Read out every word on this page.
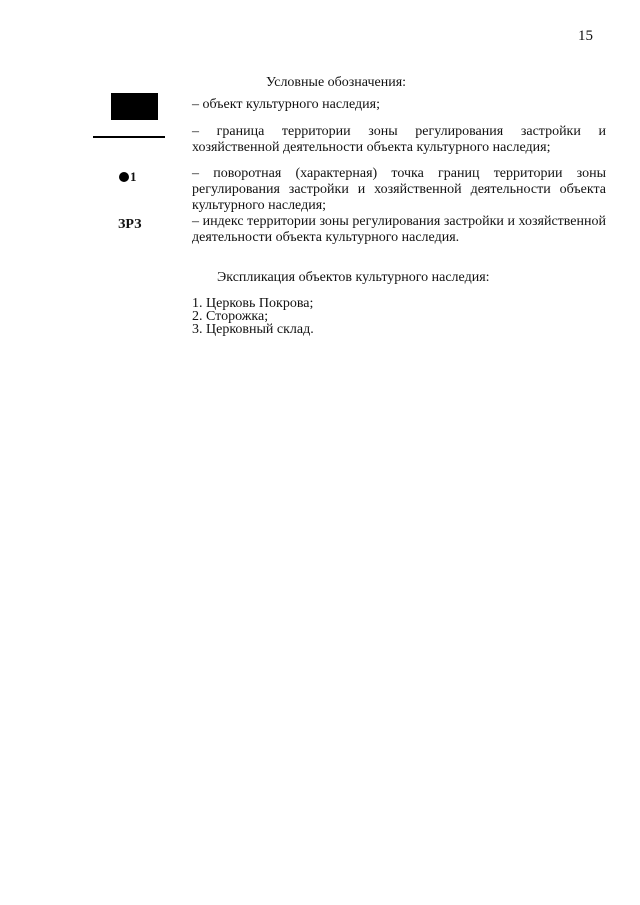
15
Условные обозначения:
– объект культурного наследия;
– граница территории зоны регулирования застройки и хозяйственной деятельности объекта культурного наследия;
1	– поворотная (характерная) точка границ территории зоны регулирования застройки и хозяйственной деятельности объекта культурного наследия;
ЗРЗ	– индекс территории зоны регулирования застройки и хозяйственной деятельности объекта культурного наследия.
Экспликация объектов культурного наследия:
1. Церковь Покрова;
2. Сторожка;
3. Церковный склад.
